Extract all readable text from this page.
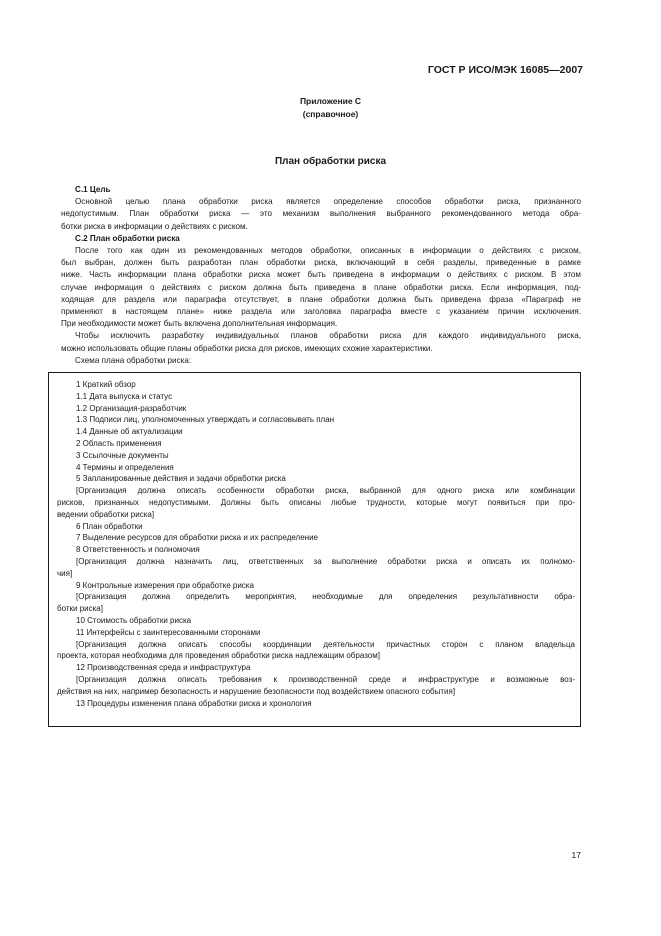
ГОСТ Р ИСО/МЭК 16085—2007
Приложение С
(справочное)
План обработки риска

С.1 Цель

Основной целью плана обработки риска является определение способов обработки риска, признанного

недопустимым. План обработки риска — это механизм выполнения выбранного рекомендованного метода обра-

ботки риска в информации о действиях с риском.

С.2 План обработки риска

После того как один из рекомендованных методов обработки, описанных в информации о действиях с риском,

был выбран, должен быть разработан план обработки риска, включающий в себя разделы, приведенные в рамке

ниже. Часть информации плана обработки риска может быть приведена в информации о действиях с риском. В этом

случае информация о действиях с риском должна быть приведена в плане обработки риска. Если информация, под-

ходящая для раздела или параграфа отсутствует, в плане обработки должна быть приведена фраза «Параграф не

применяют в настоящем плане» ниже раздела или заголовка параграфа вместе с указанием причин исключения.

При необходимости может быть включена дополнительная информация.

Чтобы исключить разработку индивидуальных планов обработки риска для каждого индивидуального риска,

можно использовать общие планы обработки риска для рисков, имеющих схожие характеристики.

Схема плана обработки риска:

1 Краткий обзор

1.1 Дата выпуска и статус

1.2 Организация-разработчик

1.3 Подписи лиц, уполномоченных утверждать и согласовывать план

1.4 Данные об актуализации

2 Область применения

3 Ссылочные документы

4 Термины и определения

5 Запланированные действия и задачи обработки риска

[Организация должна описать особенности обработки риска, выбранной для одного риска или комбинации

рисков, признанных недопустимыми. Должны быть описаны любые трудности, которые могут появиться при про-

ведении обработки риска]

6 План обработки

7 Выделение ресурсов для обработки риска и их распределение

8 Ответственность и полномочия

[Организация должна назначить лиц, ответственных за выполнение обработки риска и описать их полномо-

чия]

9 Контрольные измерения при обработке риска

[Организация должна определить мероприятия, необходимые для определения результативности обра-

ботки риска]

10 Стоимость обработки риска

11 Интерфейсы с заинтересованными сторонами

[Организация должна описать способы координации деятельности причастных сторон с планом владельца

проекта, которая необходима для проведения обработки риска надлежащим образом]

12 Производственная среда и инфраструктура

[Организация должна описать требования к производственной среде и инфраструктуре и возможные воз-

действия на них, например безопасность и нарушение безопасности под воздействием опасного события]

13 Процедуры изменения плана обработки риска и хронология

17
